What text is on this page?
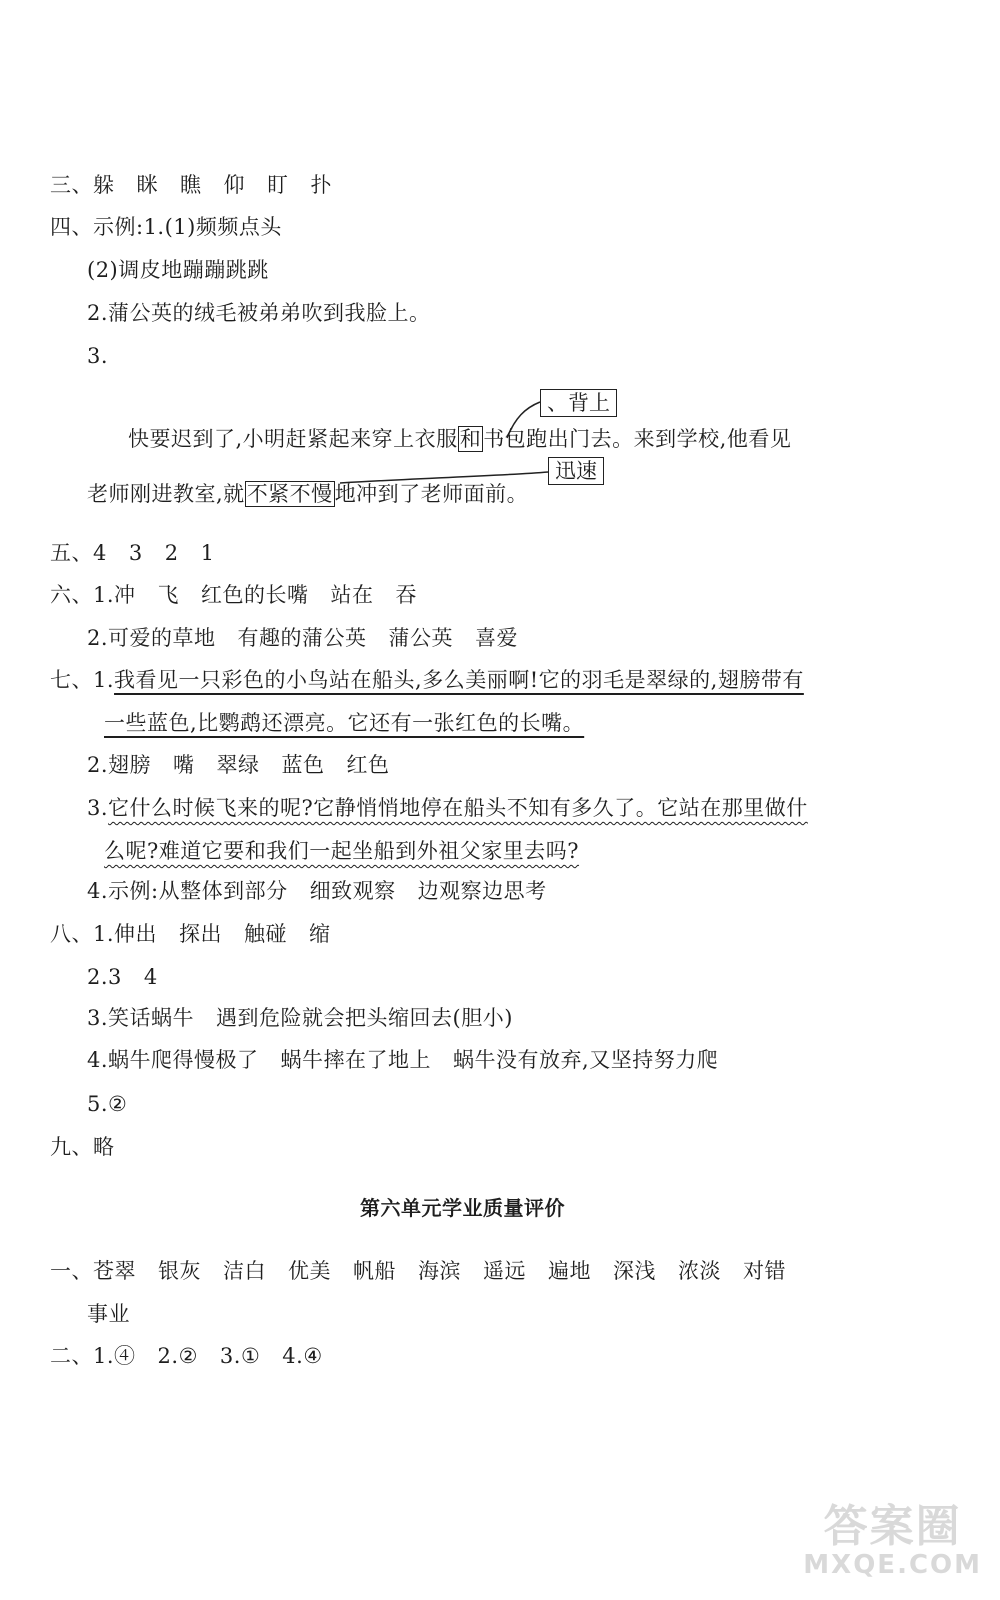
三、躲 眯 瞧 仰 盯 扑
四、示例:1.(1)频频点头
(2)调皮地蹦蹦跳跳
2.蒲公英的绒毛被弟弟吹到我脸上。
3.
、背上
迅速
快要迟到了,小明赶紧起来穿上衣服和书包跑出门去。来到学校,他看见
老师刚进教室,就不紧不慢地冲到了老师面前。
五、4 3 2 1
六、1.冲 飞 红色的长嘴 站在 吞
2.可爱的草地 有趣的蒲公英 蒲公英 喜爱
七、1.我看见一只彩色的小鸟站在船头,多么美丽啊!它的羽毛是翠绿的,翅膀带有
一些蓝色,比鹦鹉还漂亮。它还有一张红色的长嘴。
2.翅膀 嘴 翠绿 蓝色 红色
3.它什么时候飞来的呢?它静悄悄地停在船头不知有多久了。它站在那里做什
么呢?难道它要和我们一起坐船到外祖父家里去吗?
4.示例:从整体到部分 细致观察 边观察边思考
八、1.伸出 探出 触碰 缩
2.3 4
3.笑话蜗牛 遇到危险就会把头缩回去(胆小)
4.蜗牛爬得慢极了 蜗牛摔在了地上 蜗牛没有放弃,又坚持努力爬
5.②
九、略
第六单元学业质量评价
一、苍翠 银灰 洁白 优美 帆船 海滨 遥远 遍地 深浅 浓淡 对错
事业
二、1.④ 2.② 3.① 4.④
答案圈
MXQE.COM
